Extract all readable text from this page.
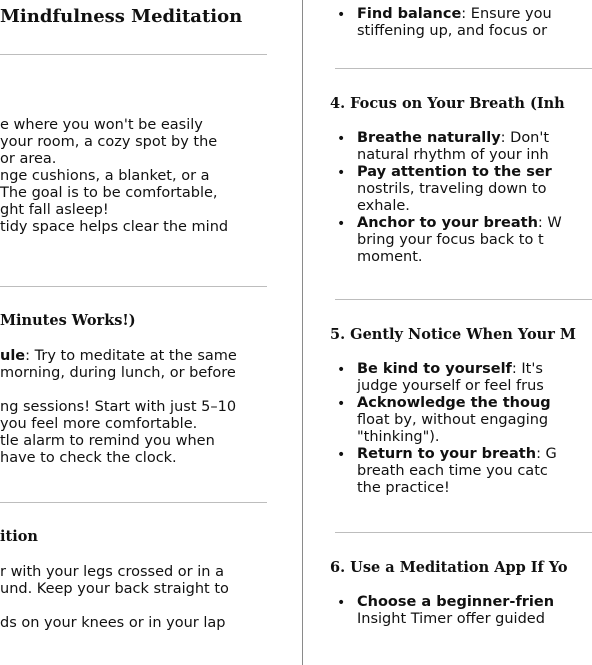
Mindfulness Meditation
e where you won't be easily
your room, a cozy spot by the
or area.
nge cushions, a blanket, or a
The goal is to be comfortable,
ght fall asleep!
tidy space helps clear the mind
Minutes Works!)
ule: Try to meditate at the same
morning, during lunch, or before
ng sessions! Start with just 5–10
you feel more comfortable.
tle alarm to remind you when
have to check the clock.
ition
r with your legs crossed or in a
und. Keep your back straight to
ds on your knees or in your lap
• Find balance: Ensure you
stiffening up, and focus or
4. Focus on Your Breath (Inh
• Breathe naturally: Don't
natural rhythm of your inh
• Pay attention to the ser
nostrils, traveling down to
exhale.
• Anchor to your breath: W
bring your focus back to t
moment.
5. Gently Notice When Your M
• Be kind to yourself: It's
judge yourself or feel frus
• Acknowledge the thoug
float by, without engaging
"thinking").
• Return to your breath: G
breath each time you catc
the practice!
6. Use a Meditation App If Yo
• Choose a beginner-frien
Insight Timer offer guided
